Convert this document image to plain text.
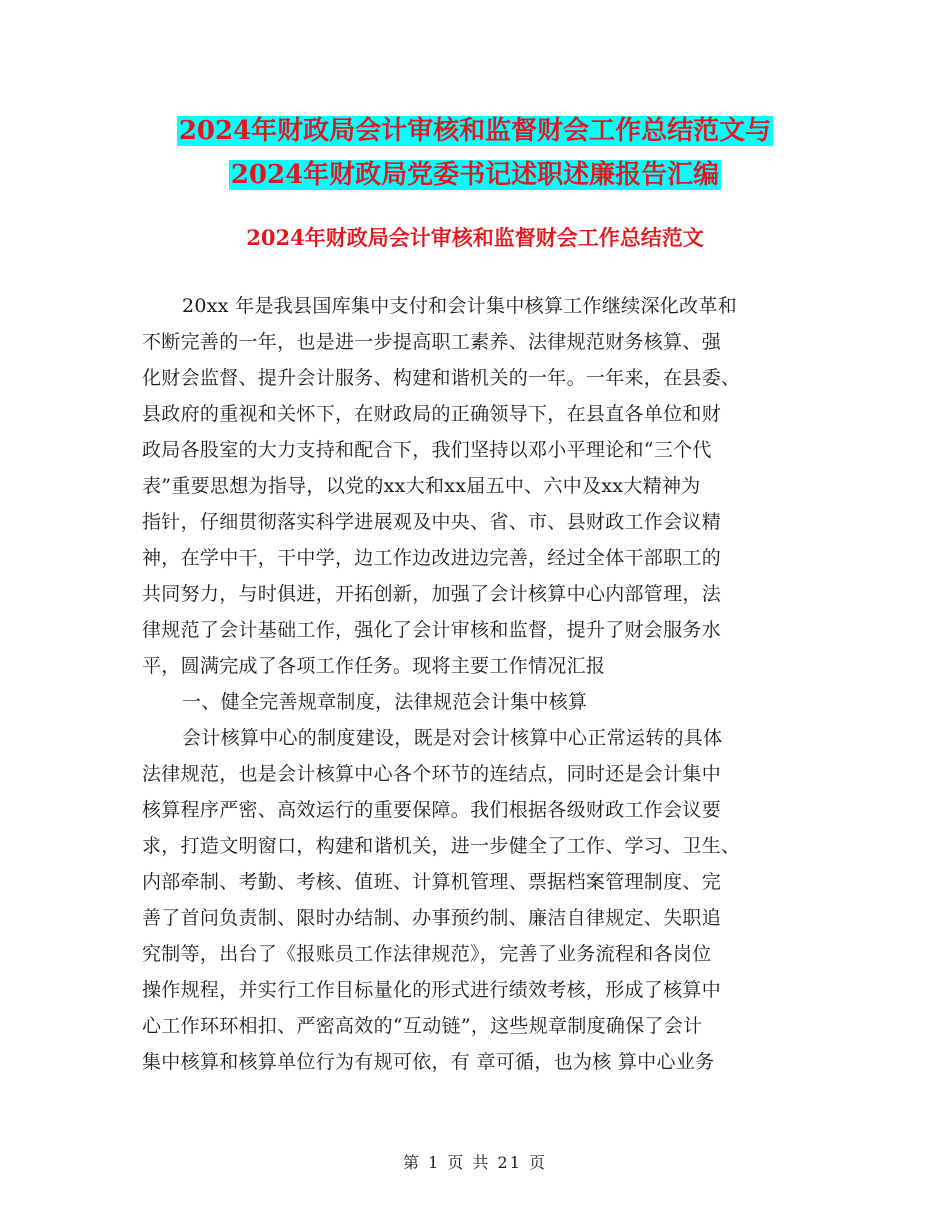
2024年财政局会计审核和监督财会工作总结范文与
2024年财政局党委书记述职述廉报告汇编
2024年财政局会计审核和监督财会工作总结范文
20xx 年是我县国库集中支付和会计集中核算工作继续深化改革和
不断完善的一年，也是进一步提高职工素养、法律规范财务核算、强
化财会监督、提升会计服务、构建和谐机关的一年。一年来，在县委、
县政府的重视和关怀下，在财政局的正确领导下，在县直各单位和财
政局各股室的大力支持和配合下，我们坚持以邓小平理论和“三个代
表”重要思想为指导，以党的xx大和xx届五中、六中及xx大精神为
指针，仔细贯彻落实科学进展观及中央、省、市、县财政工作会议精
神，在学中干，干中学，边工作边改进边完善，经过全体干部职工的
共同努力，与时俱进，开拓创新，加强了会计核算中心内部管理，法
律规范了会计基础工作，强化了会计审核和监督，提升了财会服务水
平，圆满完成了各项工作任务。现将主要工作情况汇报
一、健全完善规章制度，法律规范会计集中核算
会计核算中心的制度建设，既是对会计核算中心正常运转的具体
法律规范，也是会计核算中心各个环节的连结点，同时还是会计集中
核算程序严密、高效运行的重要保障。我们根据各级财政工作会议要
求，打造文明窗口，构建和谐机关，进一步健全了工作、学习、卫生、
内部牵制、考勤、考核、值班、计算机管理、票据档案管理制度、完
善了首问负责制、限时办结制、办事预约制、廉洁自律规定、失职追
究制等，出台了《报账员工作法律规范》，完善了业务流程和各岗位
操作规程，并实行工作目标量化的形式进行绩效考核，形成了核算中
心工作环环相扣、严密高效的“互动链”，这些规章制度确保了会计
集中核算和核算单位行为有规可依，有 章可循，也为核 算中心业务
第 1 页 共 21 页
